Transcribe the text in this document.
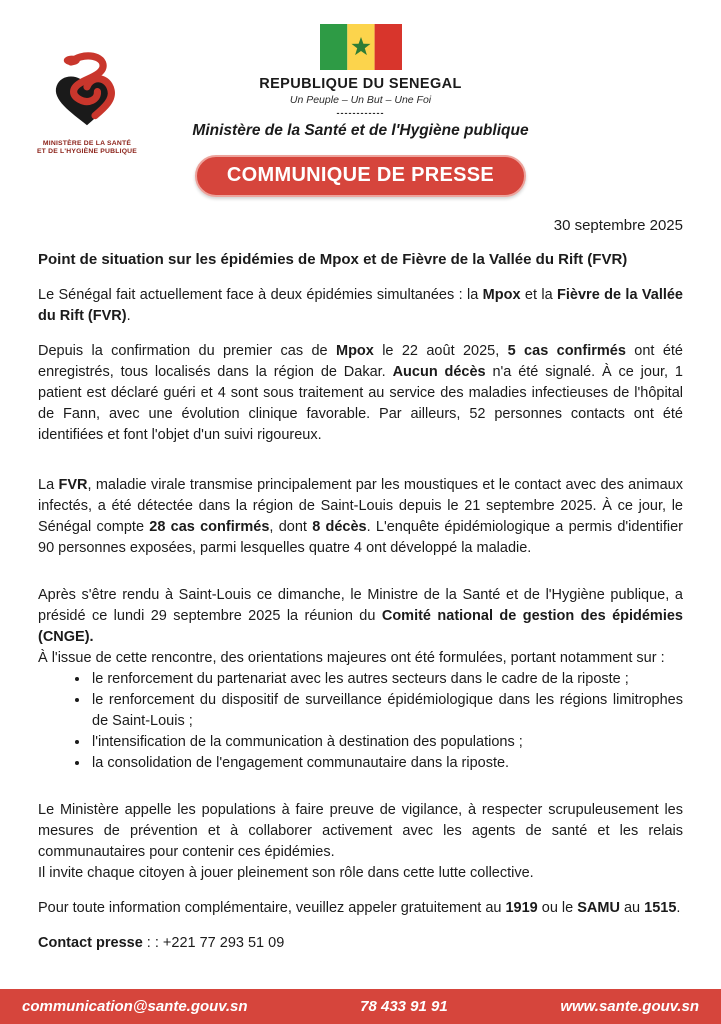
MINISTÈRE DE LA SANTÉ
ET DE L'HYGIÈNE PUBLIQUE
REPUBLIQUE DU SENEGAL
Un Peuple – Un But – Une Foi
------------
Ministère de la Santé et de l'Hygiène publique
COMMUNIQUE DE PRESSE
30 septembre 2025
Point de situation sur les épidémies de Mpox et de Fièvre de la Vallée du Rift (FVR)
Le Sénégal fait actuellement face à deux épidémies simultanées : la Mpox et la Fièvre de la Vallée du Rift (FVR).
Depuis la confirmation du premier cas de Mpox le 22 août 2025, 5 cas confirmés ont été enregistrés, tous localisés dans la région de Dakar. Aucun décès n'a été signalé. À ce jour, 1 patient est déclaré guéri et 4 sont sous traitement au service des maladies infectieuses de l'hôpital de Fann, avec une évolution clinique favorable. Par ailleurs, 52 personnes contacts ont été identifiées et font l'objet d'un suivi rigoureux.
La FVR, maladie virale transmise principalement par les moustiques et le contact avec des animaux infectés, a été détectée dans la région de Saint-Louis depuis le 21 septembre 2025. À ce jour, le Sénégal compte 28 cas confirmés, dont 8 décès. L'enquête épidémiologique a permis d'identifier 90 personnes exposées, parmi lesquelles quatre 4 ont développé la maladie.
Après s'être rendu à Saint-Louis ce dimanche, le Ministre de la Santé et de l'Hygiène publique, a présidé ce lundi 29 septembre 2025 la réunion du Comité national de gestion des épidémies (CNGE).
À l'issue de cette rencontre, des orientations majeures ont été formulées, portant notamment sur :
• le renforcement du partenariat avec les autres secteurs dans le cadre de la riposte ;
• le renforcement du dispositif de surveillance épidémiologique dans les régions limitrophes de Saint-Louis ;
• l'intensification de la communication à destination des populations ;
• la consolidation de l'engagement communautaire dans la riposte.
Le Ministère appelle les populations à faire preuve de vigilance, à respecter scrupuleusement les mesures de prévention et à collaborer activement avec les agents de santé et les relais communautaires pour contenir ces épidémies.
Il invite chaque citoyen à jouer pleinement son rôle dans cette lutte collective.
Pour toute information complémentaire, veuillez appeler gratuitement au 1919 ou le SAMU au 1515.
Contact presse : : +221 77 293 51 09
communication@sante.gouv.sn	78 433 91 91	www.sante.gouv.sn
